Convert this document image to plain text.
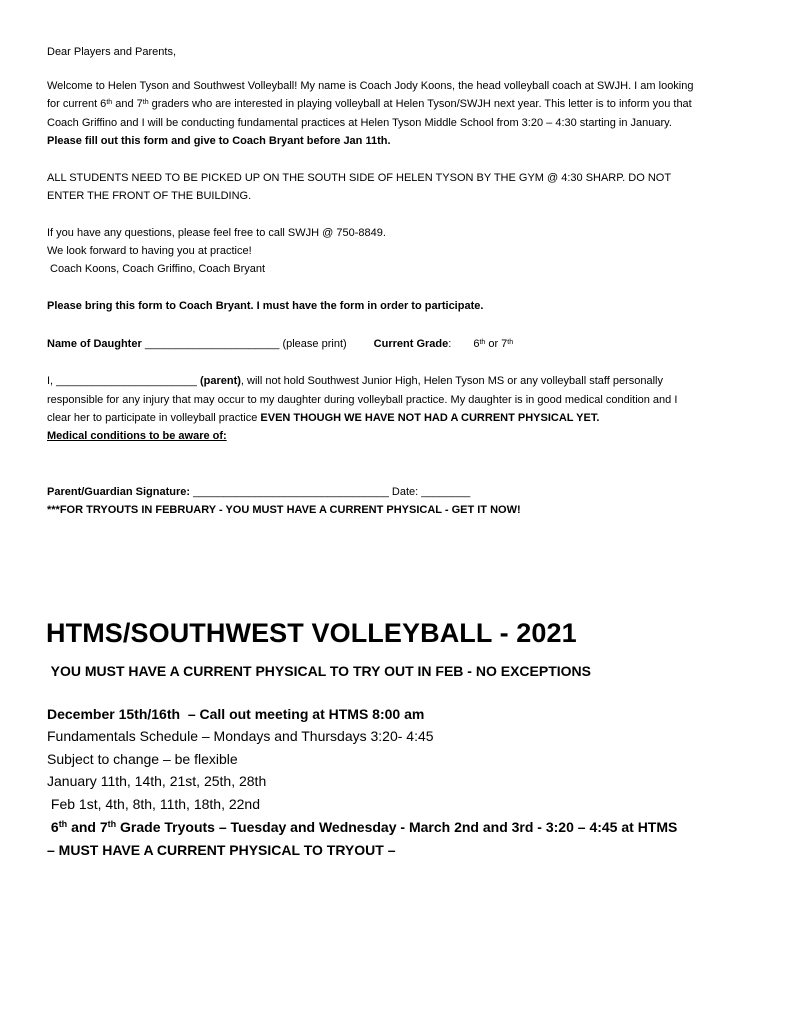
Dear Players and Parents,
Welcome to Helen Tyson and Southwest Volleyball! My name is Coach Jody Koons, the head volleyball coach at SWJH. I am looking
for current 6th and 7th graders who are interested in playing volleyball at Helen Tyson/SWJH next year. This letter is to inform you that
Coach Griffino and I will be conducting fundamental practices at Helen Tyson Middle School from 3:20 – 4:30 starting in January.
Please fill out this form and give to Coach Bryant before Jan 11th.
ALL STUDENTS NEED TO BE PICKED UP ON THE SOUTH SIDE OF HELEN TYSON BY THE GYM @ 4:30 SHARP. DO NOT
ENTER THE FRONT OF THE BUILDING.
If you have any questions, please feel free to call SWJH @ 750-8849.
We look forward to having you at practice!
Coach Koons, Coach Griffino, Coach Bryant
Please bring this form to Coach Bryant. I must have the form in order to participate.
Name of Daughter ______________________ (please print) Current Grade: 6th or 7th
I, _______________________ (parent), will not hold Southwest Junior High, Helen Tyson MS or any volleyball staff personally
responsible for any injury that may occur to my daughter during volleyball practice. My daughter is in good medical condition and I
clear her to participate in volleyball practice EVEN THOUGH WE HAVE NOT HAD A CURRENT PHYSICAL YET.
Medical conditions to be aware of:
Parent/Guardian Signature: ________________________________ Date: ________
***FOR TRYOUTS IN FEBRUARY - YOU MUST HAVE A CURRENT PHYSICAL - GET IT NOW!
HTMS/SOUTHWEST VOLLEYBALL - 2021
YOU MUST HAVE A CURRENT PHYSICAL TO TRY OUT IN FEB - NO EXCEPTIONS
December 15th/16th  – Call out meeting at HTMS 8:00 am
Fundamentals Schedule – Mondays and Thursdays 3:20- 4:45
Subject to change – be flexible
January 11th, 14th, 21st, 25th, 28th
Feb 1st, 4th, 8th, 11th, 18th, 22nd
6th and 7th Grade Tryouts – Tuesday and Wednesday - March 2nd and 3rd - 3:20 – 4:45 at HTMS
– MUST HAVE A CURRENT PHYSICAL TO TRYOUT –
